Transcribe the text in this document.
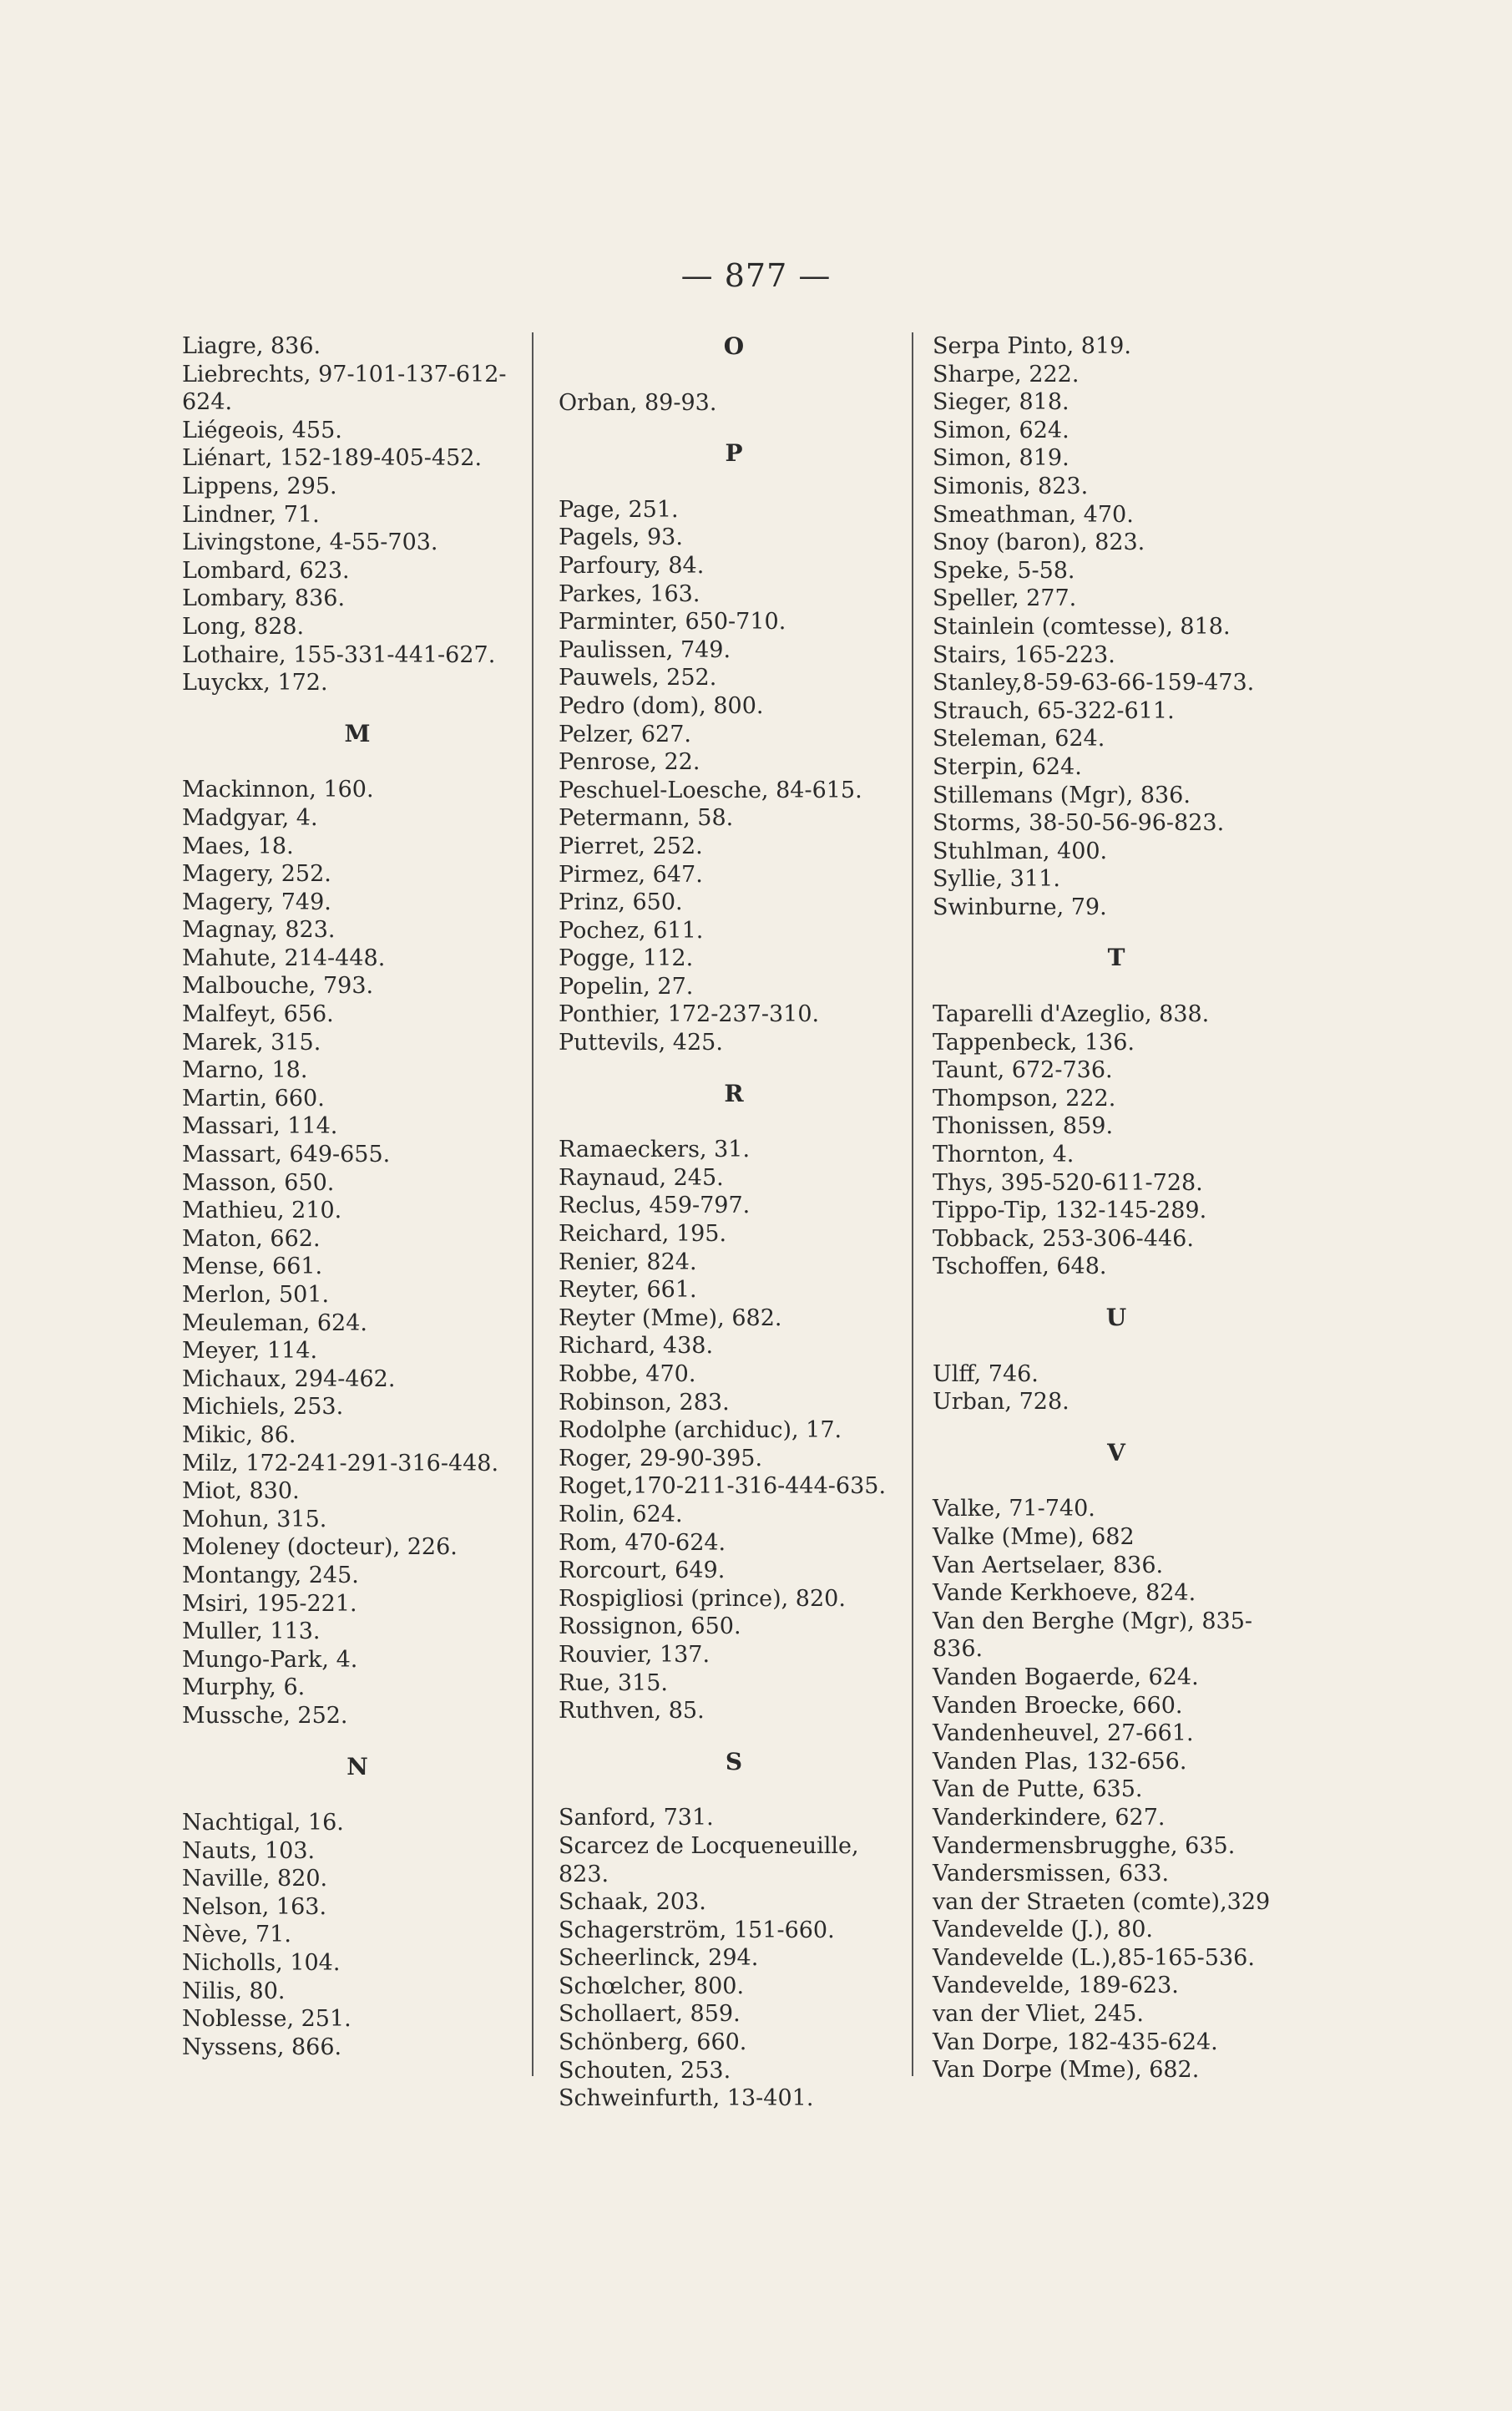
— 877 —
Liagre, 836.
Liebrechts, 97-101-137-612-
624.
Liégeois, 455.
Liénart, 152-189-405-452.
Lippens, 295.
Lindner, 71.
Livingstone, 4-55-703.
Lombard, 623.
Lombary, 836.
Long, 828.
Lothaire, 155-331-441-627.
Luyckx, 172.
M
Mackinnon, 160.
Madgyar, 4.
Maes, 18.
Magery, 252.
Magery, 749.
Magnay, 823.
Mahute, 214-448.
Malbouche, 793.
Malfeyt, 656.
Marek, 315.
Marno, 18.
Martin, 660.
Massari, 114.
Massart, 649-655.
Masson, 650.
Mathieu, 210.
Maton, 662.
Mense, 661.
Merlon, 501.
Meuleman, 624.
Meyer, 114.
Michaux, 294-462.
Michiels, 253.
Mikic, 86.
Milz, 172-241-291-316-448.
Miot, 830.
Mohun, 315.
Moleney (docteur), 226.
Montangy, 245.
Msiri, 195-221.
Muller, 113.
Mungo-Park, 4.
Murphy, 6.
Mussche, 252.
N
Nachtigal, 16.
Nauts, 103.
Naville, 820.
Nelson, 163.
Nève, 71.
Nicholls, 104.
Nilis, 80.
Noblesse, 251.
Nyssens, 866.
O
Orban, 89-93.
P
Page, 251.
Pagels, 93.
Parfoury, 84.
Parkes, 163.
Parminter, 650-710.
Paulissen, 749.
Pauwels, 252.
Pedro (dom), 800.
Pelzer, 627.
Penrose, 22.
Peschuel-Loesche, 84-615.
Petermann, 58.
Pierret, 252.
Pirmez, 647.
Prinz, 650.
Pochez, 611.
Pogge, 112.
Popelin, 27.
Ponthier, 172-237-310.
Puttevils, 425.
R
Ramaeckers, 31.
Raynaud, 245.
Reclus, 459-797.
Reichard, 195.
Renier, 824.
Reyter, 661.
Reyter (Mme), 682.
Richard, 438.
Robbe, 470.
Robinson, 283.
Rodolphe (archiduc), 17.
Roger, 29-90-395.
Roget,170-211-316-444-635.
Rolin, 624.
Rom, 470-624.
Rorcourt, 649.
Rospigliosi (prince), 820.
Rossignon, 650.
Rouvier, 137.
Rue, 315.
Ruthven, 85.
S
Sanford, 731.
Scarcez de Locqueneuille,
823.
Schaak, 203.
Schagerström, 151-660.
Scheerlinck, 294.
Schœlcher, 800.
Schollaert, 859.
Schönberg, 660.
Schouten, 253.
Schweinfurth, 13-401.
Serpa Pinto, 819.
Sharpe, 222.
Sieger, 818.
Simon, 624.
Simon, 819.
Simonis, 823.
Smeathman, 470.
Snoy (baron), 823.
Speke, 5-58.
Speller, 277.
Stainlein (comtesse), 818.
Stairs, 165-223.
Stanley,8-59-63-66-159-473.
Strauch, 65-322-611.
Steleman, 624.
Sterpin, 624.
Stillemans (Mgr), 836.
Storms, 38-50-56-96-823.
Stuhlman, 400.
Syllie, 311.
Swinburne, 79.
T
Taparelli d'Azeglio, 838.
Tappenbeck, 136.
Taunt, 672-736.
Thompson, 222.
Thonissen, 859.
Thornton, 4.
Thys, 395-520-611-728.
Tippo-Tip, 132-145-289.
Tobback, 253-306-446.
Tschoffen, 648.
U
Ulff, 746.
Urban, 728.
V
Valke, 71-740.
Valke (Mme), 682
Van Aertselaer, 836.
Vande Kerkhoeve, 824.
Van den Berghe (Mgr), 835-
836.
Vanden Bogaerde, 624.
Vanden Broecke, 660.
Vandenheuvel, 27-661.
Vanden Plas, 132-656.
Van de Putte, 635.
Vanderkindere, 627.
Vandermensbrugghe, 635.
Vandersmissen, 633.
van der Straeten (comte),329
Vandevelde (J.), 80.
Vandevelde (L.),85-165-536.
Vandevelde, 189-623.
van der Vliet, 245.
Van Dorpe, 182-435-624.
Van Dorpe (Mme), 682.
